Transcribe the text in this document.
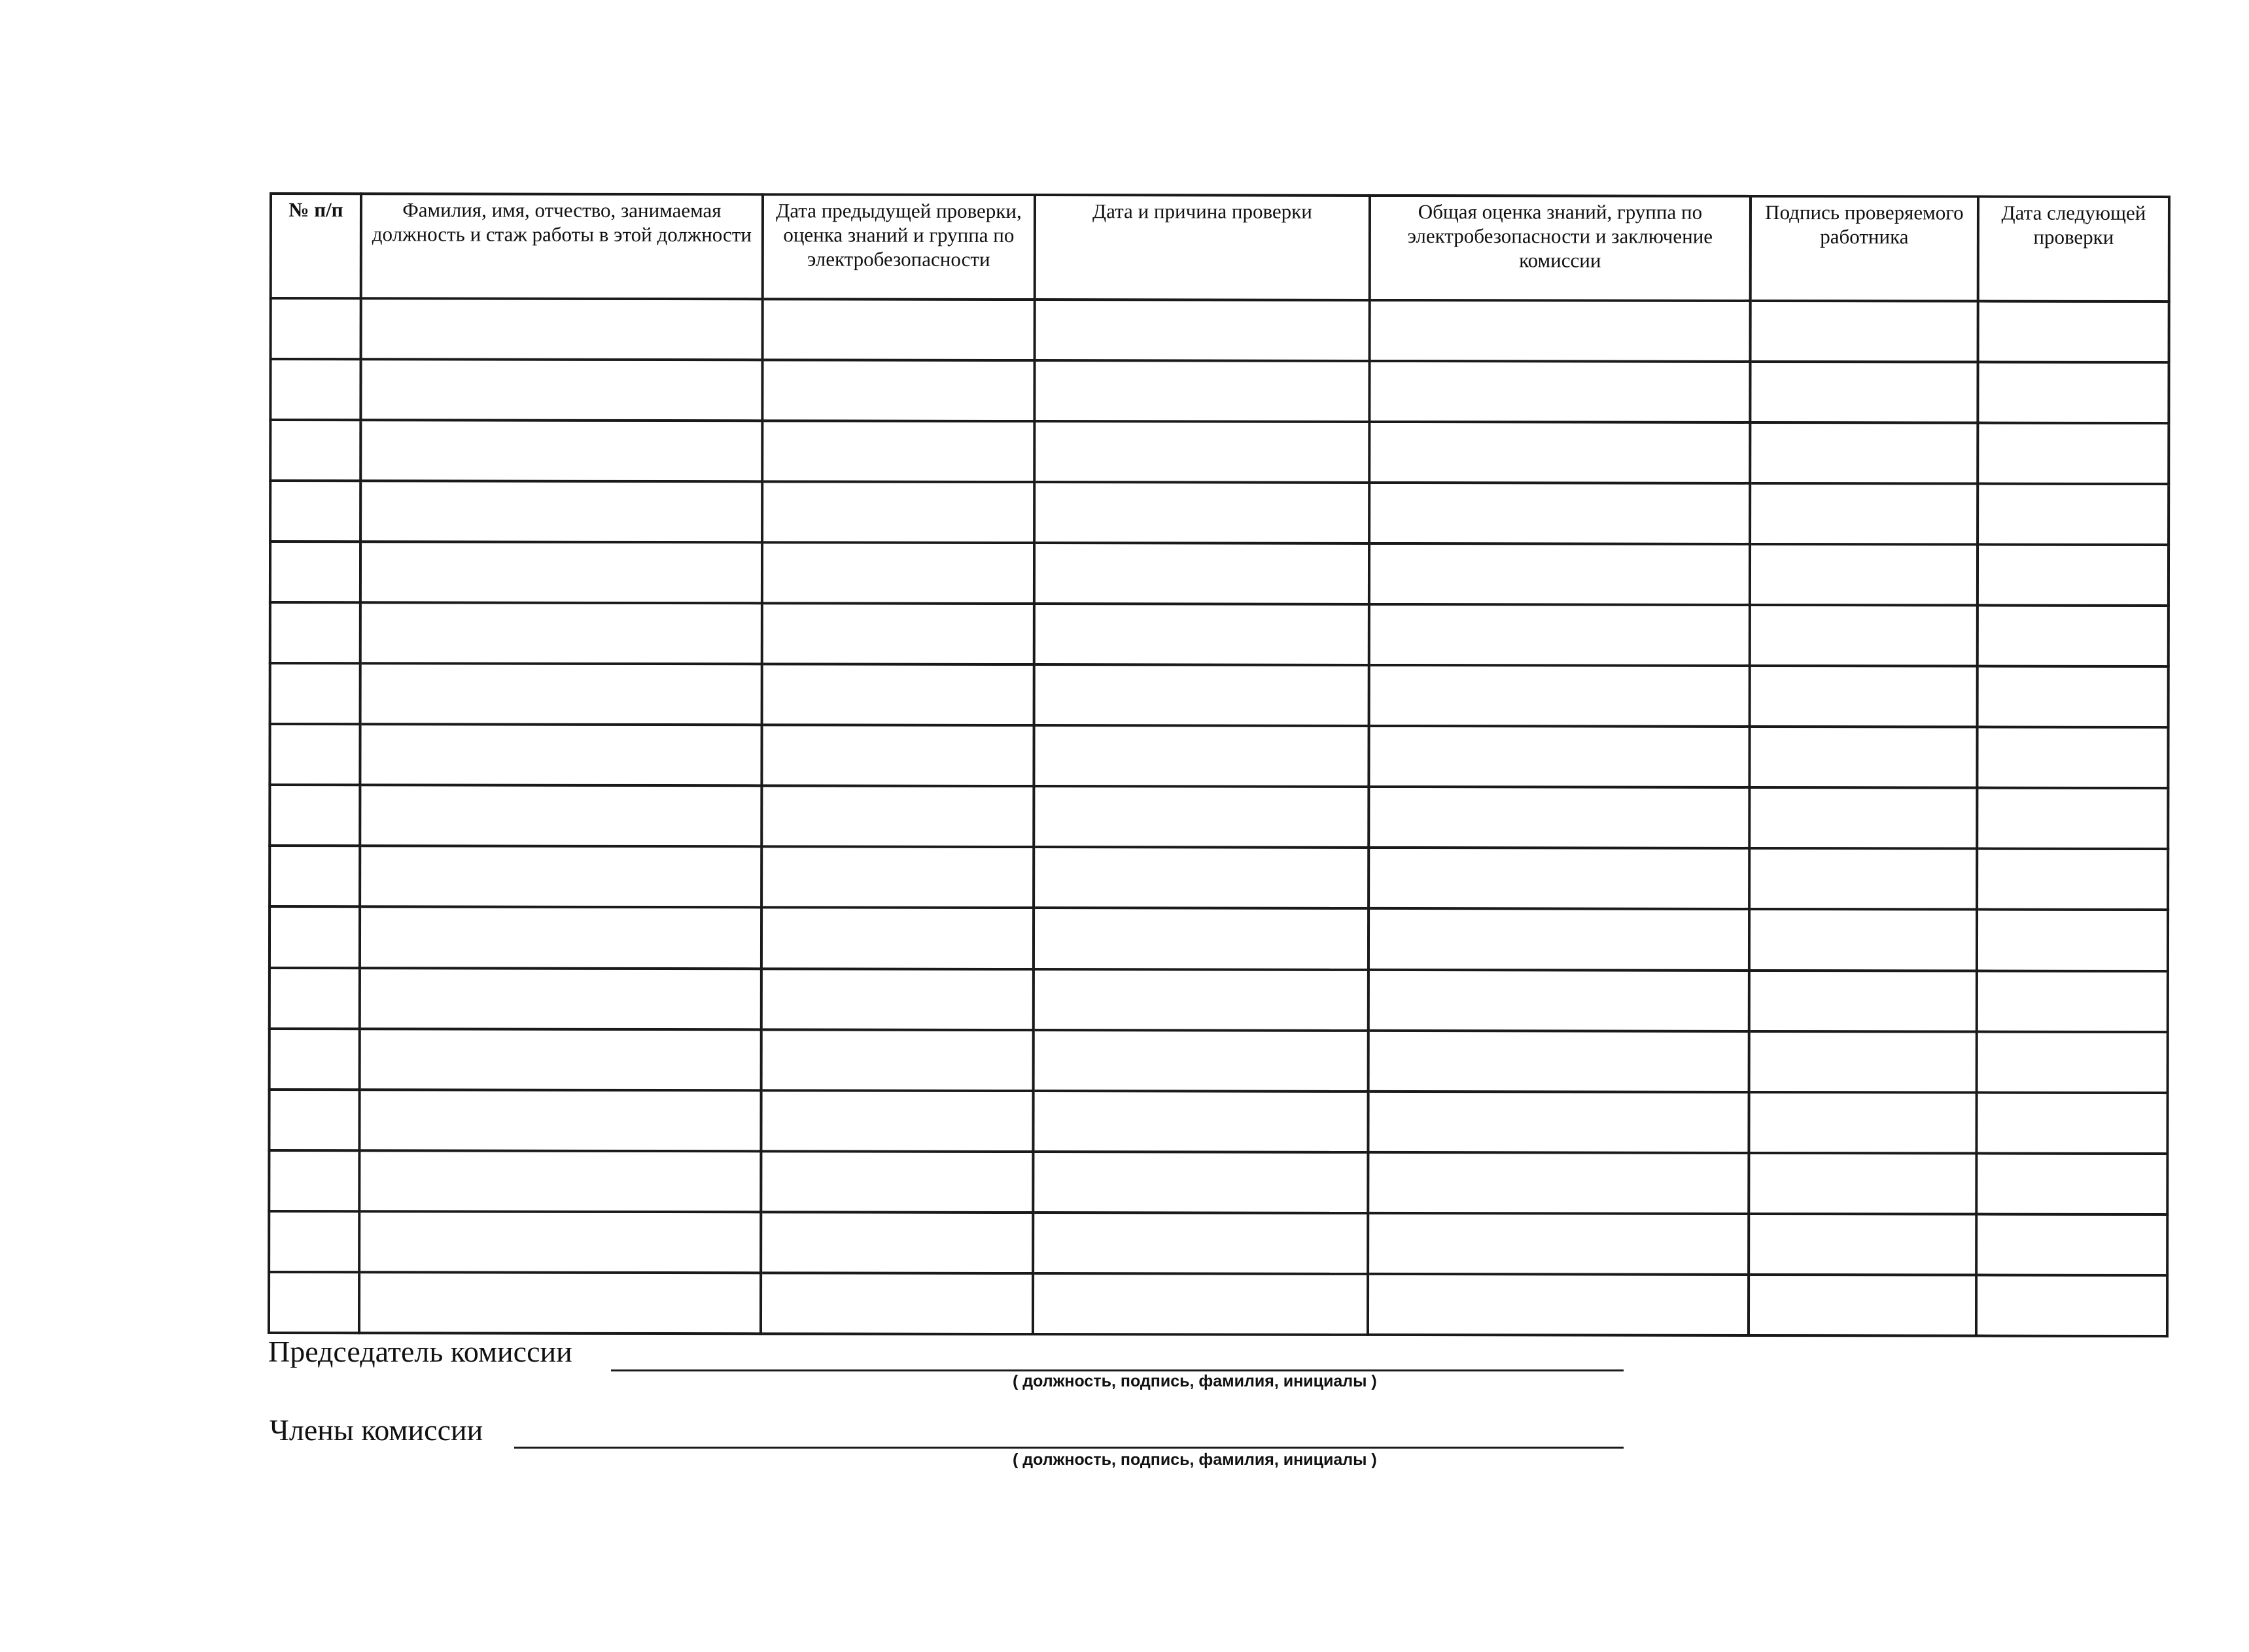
№ п/п	Фамилия, имя, отчество, занимаемая должность и стаж работы в этой должности	Дата предыдущей проверки, оценка знаний и группа по электробезопасности	Дата и причина проверки	Общая оценка знаний, группа по электробезопасности и заключение комиссии	Подпись проверяемого работника	Дата следующей проверки

Председатель комиссии
( должность, подпись, фамилия, инициалы )
Члены комиссии
( должность, подпись, фамилия, инициалы )
